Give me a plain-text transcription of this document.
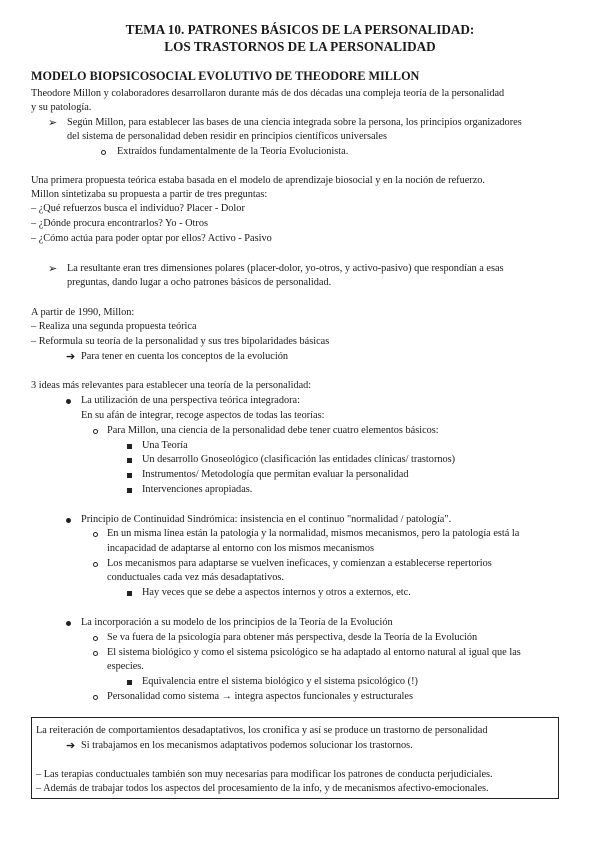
TEMA 10. PATRONES BÁSICOS DE LA PERSONALIDAD:
LOS TRASTORNOS DE LA PERSONALIDAD
MODELO BIOPSICOSOCIAL EVOLUTIVO DE THEODORE MILLON
Theodore Millon y colaboradores desarrollaron durante más de dos décadas una compleja teoría de la personalidad
y su patología.
➢ Según Millon, para establecer las bases de una ciencia integrada sobre la persona, los principios organizadores
del sistema de personalidad deben residir en principios científicos universales
Extraídos fundamentalmente de la Teoría Evolucionista.
Una primera propuesta teórica estaba basada en el modelo de aprendizaje biosocial y en la noción de refuerzo.
Millon sintetizaba su propuesta a partir de tres preguntas:
– ¿Qué refuerzos busca el individuo? Placer - Dolor
– ¿Dónde procura encontrarlos? Yo - Otros
– ¿Cómo actúa para poder optar por ellos? Activo - Pasivo
➢ La resultante eran tres dimensiones polares (placer-dolor, yo-otros, y activo-pasivo) que respondían a esas
preguntas, dando lugar a ocho patrones básicos de personalidad.
A partir de 1990, Millon:
– Realiza una segunda propuesta teórica
– Reformula su teoría de la personalidad y sus tres bipolaridades básicas
➔ Para tener en cuenta los conceptos de la evolución
3 ideas más relevantes para establecer una teoría de la personalidad:
La utilización de una perspectiva teórica integradora:
En su afán de integrar, recoge aspectos de todas las teorías:
Para Millon, una ciencia de la personalidad debe tener cuatro elementos básicos:
Una Teoría
Un desarrollo Gnoseológico (clasificación las entidades clínicas/ trastornos)
Instrumentos/ Metodología que permitan evaluar la personalidad
Intervenciones apropiadas.
Principio de Continuidad Sindrómica: insistencia en el continuo "normalidad / patología".
En un misma línea están la patología y la normalidad, mismos mecanismos, pero la patología está la
incapacidad de adaptarse al entorno con los mismos mecanismos
Los mecanismos para adaptarse se vuelven ineficaces, y comienzan a establecerse repertorios
conductuales cada vez más desadaptativos.
Hay veces que se debe a aspectos internos y otros a externos, etc.
La incorporación a su modelo de los principios de la Teoría de la Evolución
Se va fuera de la psicología para obtener más perspectiva, desde la Teoría de la Evolución
El sistema biológico y como el sistema psicológico se ha adaptado al entorno natural al igual que las
especies.
Equivalencia entre el sistema biológico y el sistema psicológico (!)
Personalidad como sistema → integra aspectos funcionales y estructurales
La reiteración de comportamientos desadaptativos, los cronifica y así se produce un trastorno de personalidad
➔ Si trabajamos en los mecanismos adaptativos podemos solucionar los trastornos.
– Las terapias conductuales también son muy necesarias para modificar los patrones de conducta perjudiciales.
– Además de trabajar todos los aspectos del procesamiento de la info, y de mecanismos afectivo-emocionales.
